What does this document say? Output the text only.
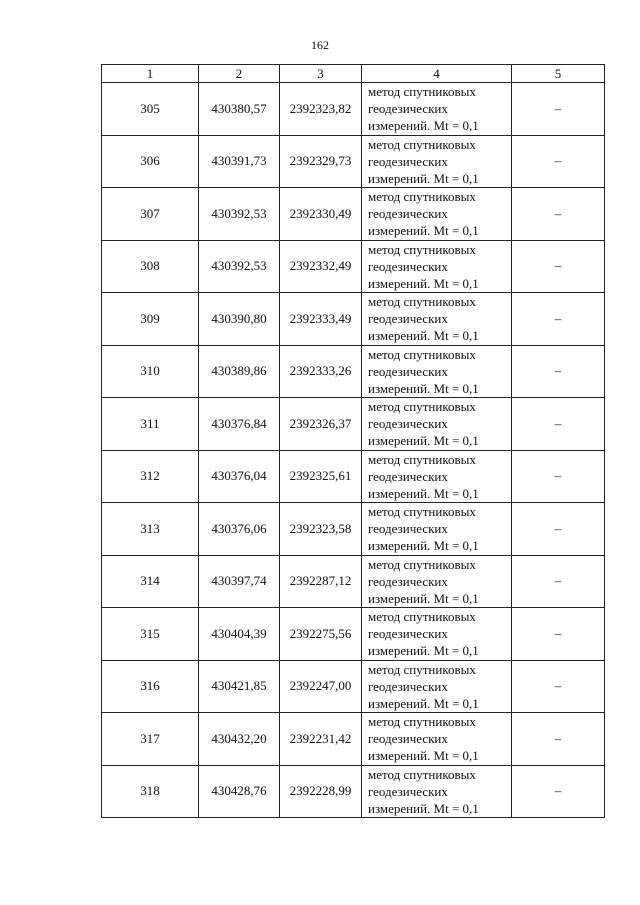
162
1	2	3	4	5
305	430380,57	2392323,82	метод спутниковых
геодезических
измерений. Mt = 0,1	–
306	430391,73	2392329,73	метод спутниковых
геодезических
измерений. Mt = 0,1	–
307	430392,53	2392330,49	метод спутниковых
геодезических
измерений. Mt = 0,1	–
308	430392,53	2392332,49	метод спутниковых
геодезических
измерений. Mt = 0,1	–
309	430390,80	2392333,49	метод спутниковых
геодезических
измерений. Mt = 0,1	–
310	430389,86	2392333,26	метод спутниковых
геодезических
измерений. Mt = 0,1	–
311	430376,84	2392326,37	метод спутниковых
геодезических
измерений. Mt = 0,1	–
312	430376,04	2392325,61	метод спутниковых
геодезических
измерений. Mt = 0,1	–
313	430376,06	2392323,58	метод спутниковых
геодезических
измерений. Mt = 0,1	–
314	430397,74	2392287,12	метод спутниковых
геодезических
измерений. Mt = 0,1	–
315	430404,39	2392275,56	метод спутниковых
геодезических
измерений. Mt = 0,1	–
316	430421,85	2392247,00	метод спутниковых
геодезических
измерений. Mt = 0,1	–
317	430432,20	2392231,42	метод спутниковых
геодезических
измерений. Mt = 0,1	–
318	430428,76	2392228,99	метод спутниковых
геодезических
измерений. Mt = 0,1	–
